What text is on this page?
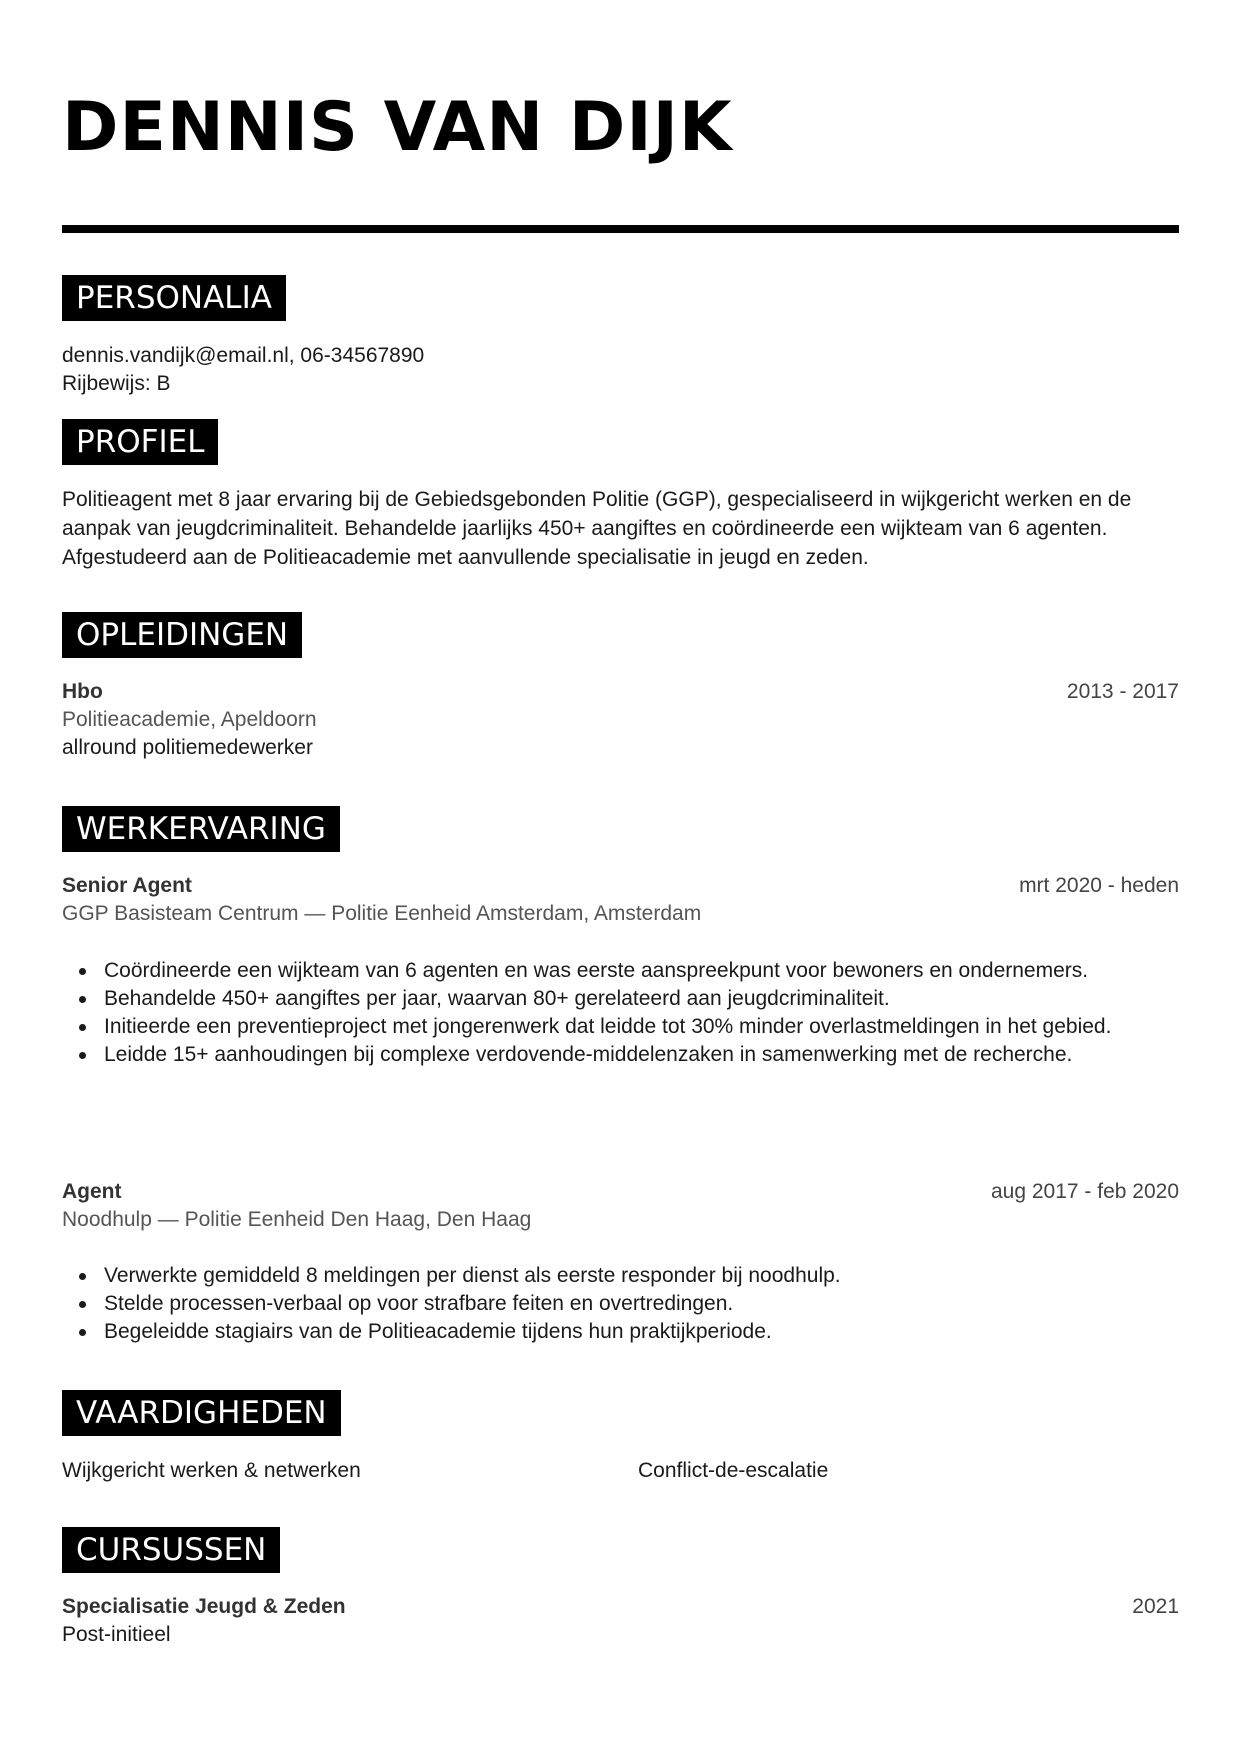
DENNIS VAN DIJK
PERSONALIA
dennis.vandijk@email.nl, 06-34567890
Rijbewijs: B
PROFIEL

Politieagent met 8 jaar ervaring bij de Gebiedsgebonden Politie (GGP), gespecialiseerd in wijkgericht werken en de aanpak van jeugdcriminaliteit. Behandelde jaarlijks 450+ aangiftes en coördineerde een wijkteam van 6 agenten. Afgestudeerd aan de Politieacademie met aanvullende specialisatie in jeugd en zeden.

OPLEIDINGEN
Hbo	2013 - 2017
Politieacademie, Apeldoorn
allround politiemedewerker
WERKERVARING
Senior Agent	mrt 2020 - heden
GGP Basisteam Centrum — Politie Eenheid Amsterdam, Amsterdam
Coördineerde een wijkteam van 6 agenten en was eerste aanspreekpunt voor bewoners en ondernemers.
Behandelde 450+ aangiftes per jaar, waarvan 80+ gerelateerd aan jeugdcriminaliteit.
Initieerde een preventieproject met jongerenwerk dat leidde tot 30% minder overlastmeldingen in het gebied.
Leidde 15+ aanhoudingen bij complexe verdovende-middelenzaken in samenwerking met de recherche.
Agent	aug 2017 - feb 2020
Noodhulp — Politie Eenheid Den Haag, Den Haag
Verwerkte gemiddeld 8 meldingen per dienst als eerste responder bij noodhulp.
Stelde processen-verbaal op voor strafbare feiten en overtredingen.
Begeleidde stagiairs van de Politieacademie tijdens hun praktijkperiode.
VAARDIGHEDEN
Wijkgericht werken & netwerken	Conflict-de-escalatie
CURSUSSEN
Specialisatie Jeugd & Zeden	2021
Post-initieel
